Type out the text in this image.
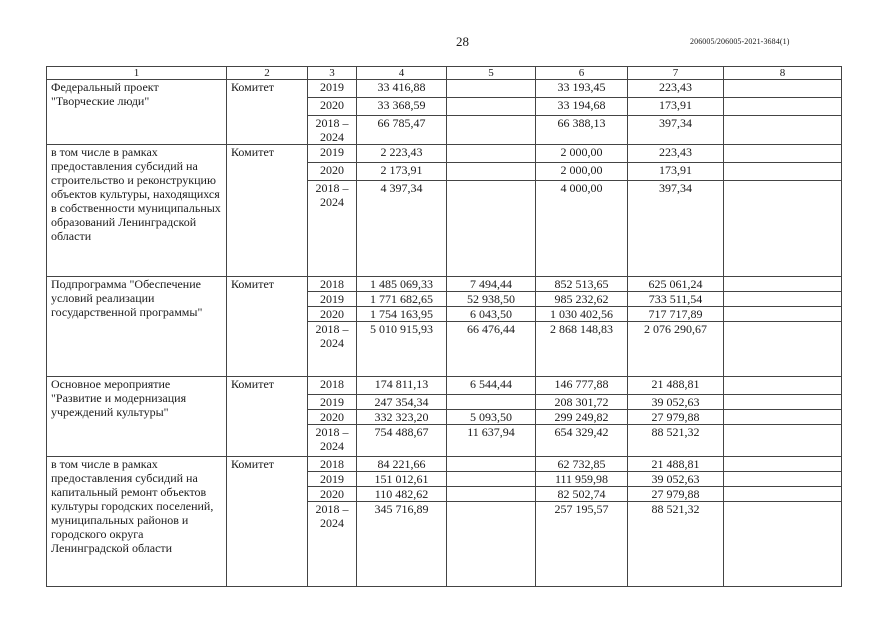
28	206005/206005-2021-3684(1)
1	2	3	4	5	6	7	8
Федеральный проект "Творческие люди"	Комитет	2019	33 416,88		33 193,45	223,43	

		2020	33 368,59		33 194,68	173,91	

		2018 – 2024	66 785,47		66 388,13	397,34	
в том числе в рамках предоставления субсидий на строительство и реконструкцию объектов культуры, находящихся в собственности муниципальных образований Ленинградской области	Комитет	2019	2 223,43		2 000,00	223,43	

		2020	2 173,91		2 000,00	173,91	

		2018 – 2024	4 397,34		4 000,00	397,34	
Подпрограмма "Обеспечение условий реализации государственной программы"	Комитет	2018	1 485 069,33	7 494,44	852 513,65	625 061,24	

		2019	1 771 682,65	52 938,50	985 232,62	733 511,54	

		2020	1 754 163,95	6 043,50	1 030 402,56	717 717,89	

		2018 – 2024	5 010 915,93	66 476,44	2 868 148,83	2 076 290,67	
Основное мероприятие "Развитие и модернизация учреждений культуры"	Комитет	2018	174 811,13	6 544,44	146 777,88	21 488,81	

		2019	247 354,34		208 301,72	39 052,63	

		2020	332 323,20	5 093,50	299 249,82	27 979,88	

		2018 – 2024	754 488,67	11 637,94	654 329,42	88 521,32	
в том числе в рамках предоставления субсидий на капитальный ремонт объектов культуры городских поселений, муниципальных районов и городского округа Ленинградской области	Комитет	2018	84 221,66		62 732,85	21 488,81	

		2019	151 012,61		111 959,98	39 052,63	

		2020	110 482,62		82 502,74	27 979,88	

		2018 – 2024	345 716,89		257 195,57	88 521,32	
